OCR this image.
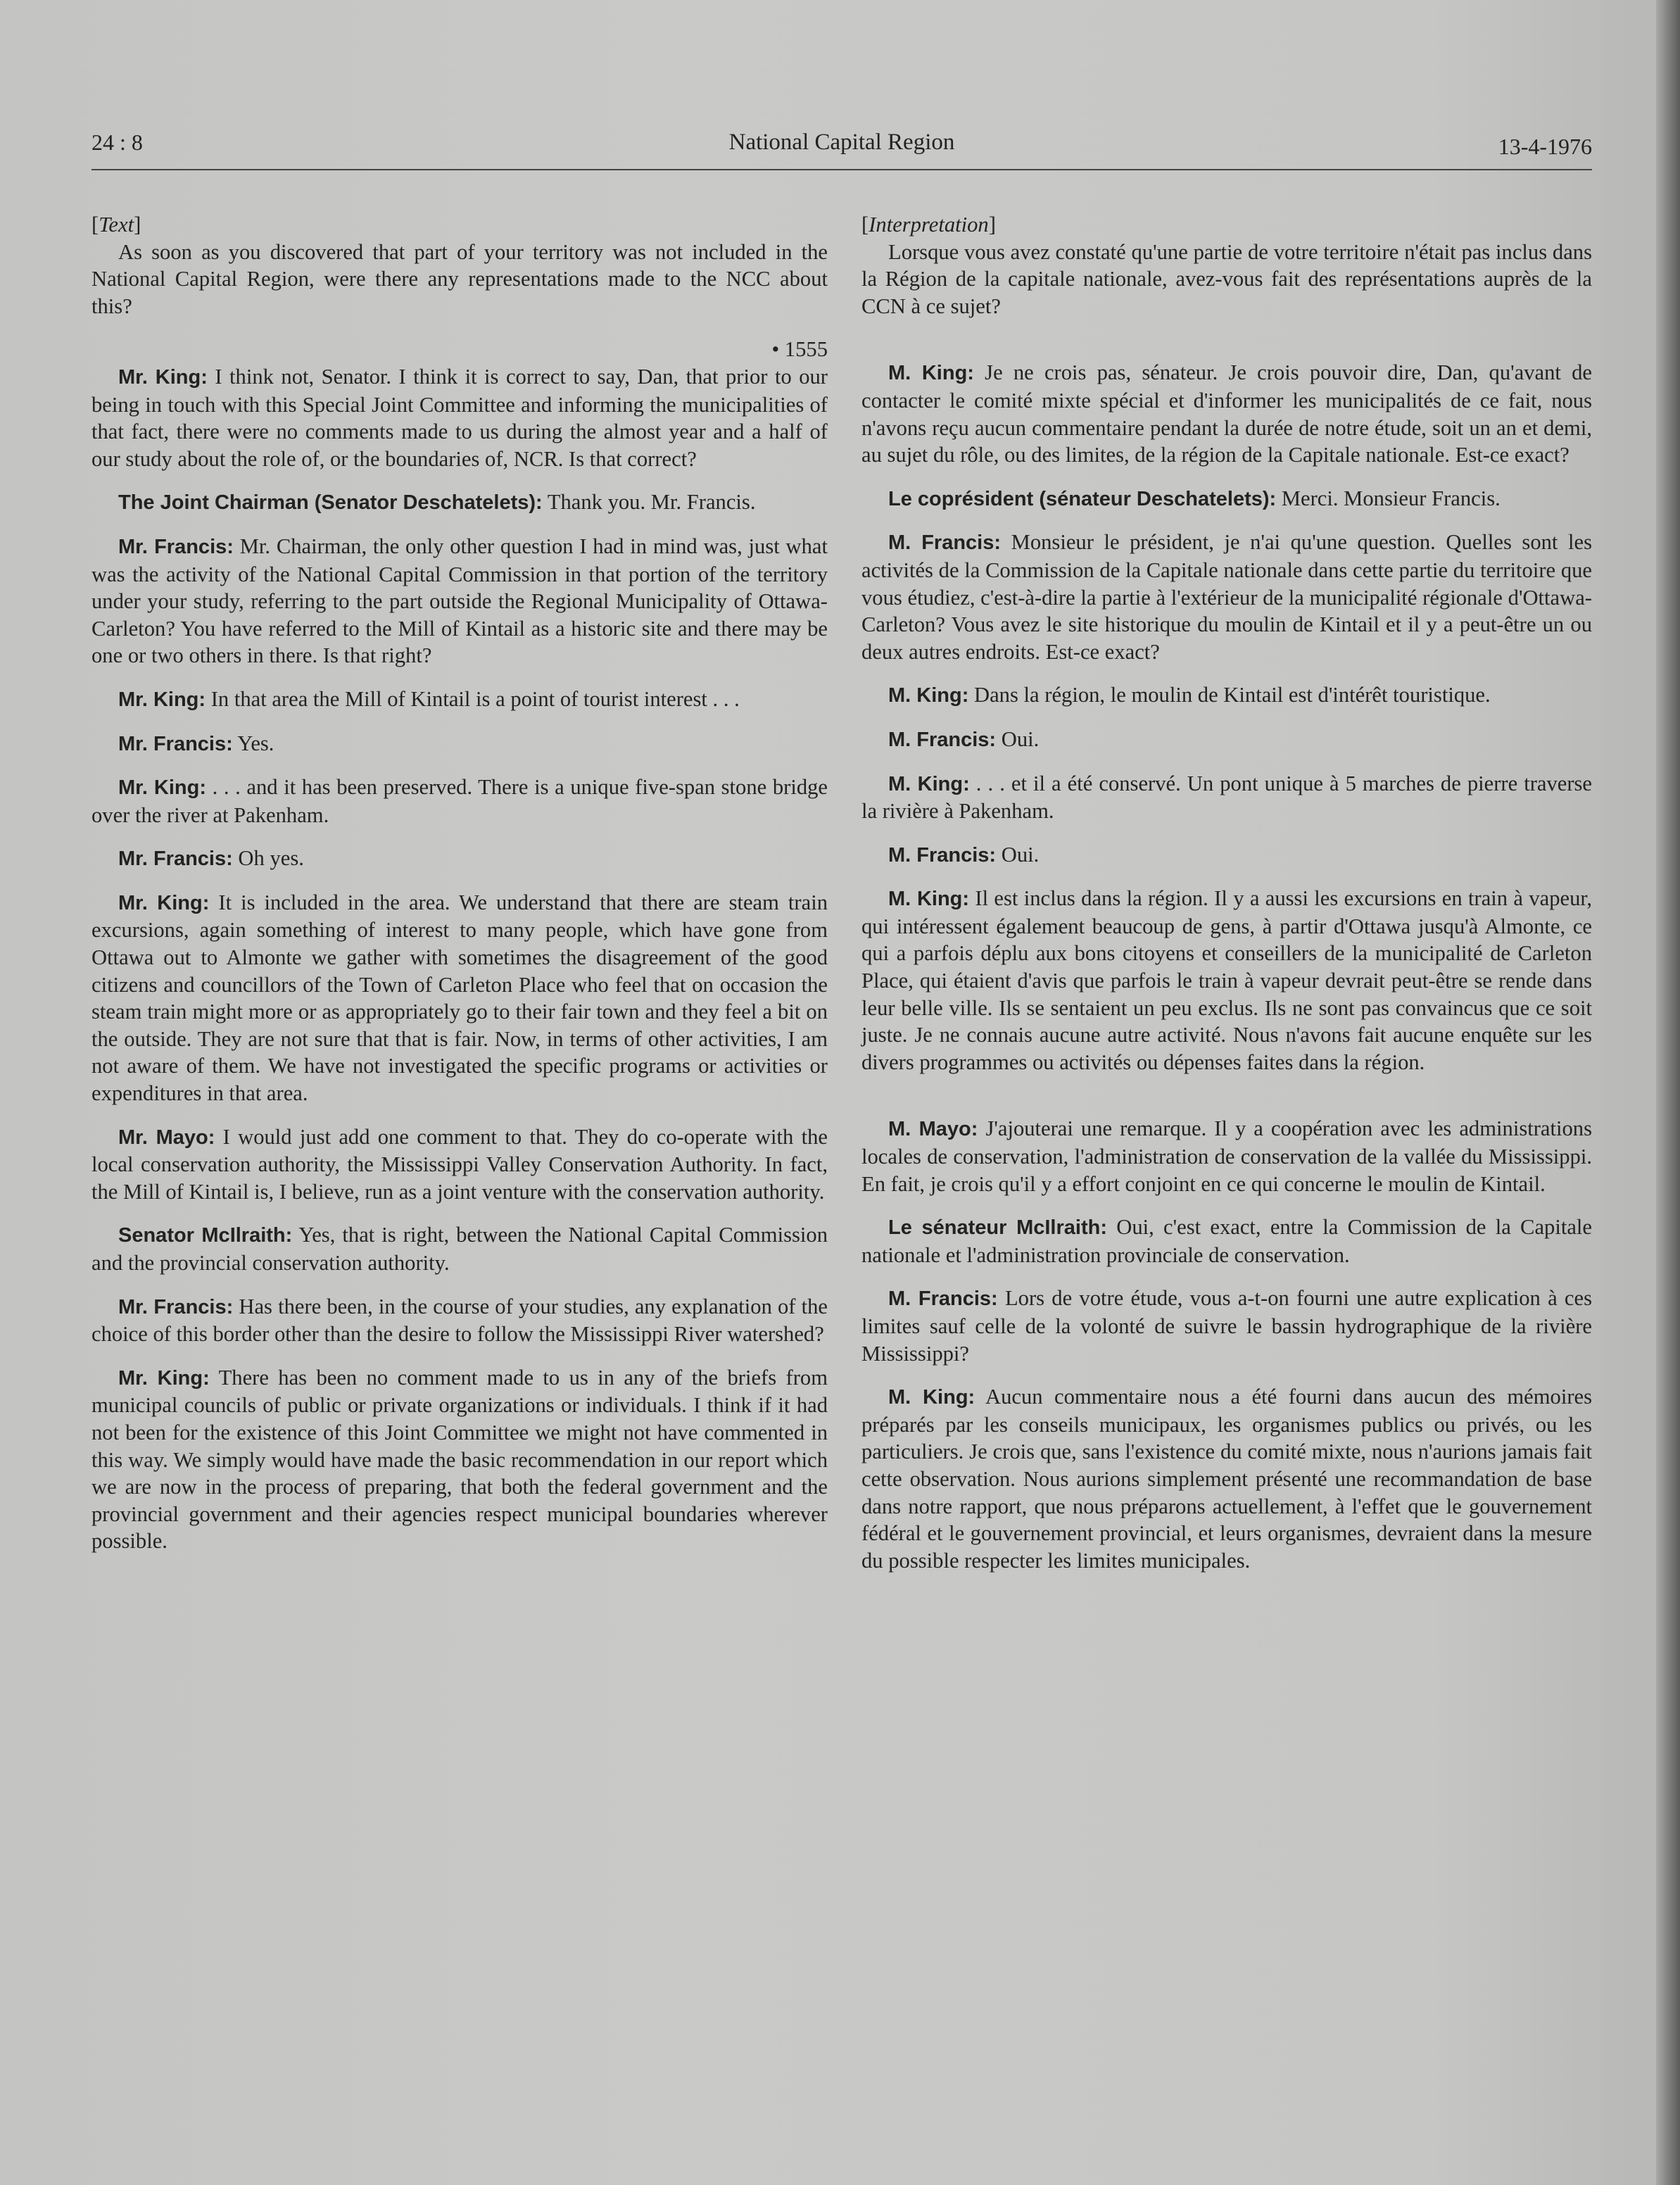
24 : 8	National Capital Region	13-4-1976

[Text]

As soon as you discovered that part of your territory was not included in the National Capital Region, were there any representations made to the NCC about this?

• 1555

Mr. King: I think not, Senator. I think it is correct to say, Dan, that prior to our being in touch with this Special Joint Committee and informing the municipalities of that fact, there were no comments made to us during the almost year and a half of our study about the role of, or the boundaries of, NCR. Is that correct?

The Joint Chairman (Senator Deschatelets): Thank you. Mr. Francis.

Mr. Francis: Mr. Chairman, the only other question I had in mind was, just what was the activity of the National Capital Commission in that portion of the territory under your study, referring to the part outside the Regional Municipality of Ottawa-Carleton? You have referred to the Mill of Kintail as a historic site and there may be one or two others in there. Is that right?

Mr. King: In that area the Mill of Kintail is a point of tourist interest . . .

Mr. Francis: Yes.

Mr. King: . . . and it has been preserved. There is a unique five-span stone bridge over the river at Pakenham.

Mr. Francis: Oh yes.

Mr. King: It is included in the area. We understand that there are steam train excursions, again something of interest to many people, which have gone from Ottawa out to Almonte we gather with sometimes the disagreement of the good citizens and councillors of the Town of Carleton Place who feel that on occasion the steam train might more or as appropriately go to their fair town and they feel a bit on the outside. They are not sure that that is fair. Now, in terms of other activities, I am not aware of them. We have not investigated the specific programs or activities or expenditures in that area.

Mr. Mayo: I would just add one comment to that. They do co-operate with the local conservation authority, the Mississippi Valley Conservation Authority. In fact, the Mill of Kintail is, I believe, run as a joint venture with the conservation authority.

Senator McIlraith: Yes, that is right, between the National Capital Commission and the provincial conservation authority.

Mr. Francis: Has there been, in the course of your studies, any explanation of the choice of this border other than the desire to follow the Mississippi River watershed?

Mr. King: There has been no comment made to us in any of the briefs from municipal councils of public or private organizations or individuals. I think if it had not been for the existence of this Joint Committee we might not have commented in this way. We simply would have made the basic recommendation in our report which we are now in the process of preparing, that both the federal government and the provincial government and their agencies respect municipal boundaries wherever possible.

[Interpretation]

Lorsque vous avez constaté qu'une partie de votre territoire n'était pas inclus dans la Région de la capitale nationale, avez-vous fait des représentations auprès de la CCN à ce sujet?

M. King: Je ne crois pas, sénateur. Je crois pouvoir dire, Dan, qu'avant de contacter le comité mixte spécial et d'informer les municipalités de ce fait, nous n'avons reçu aucun commentaire pendant la durée de notre étude, soit un an et demi, au sujet du rôle, ou des limites, de la région de la Capitale nationale. Est-ce exact?

Le coprésident (sénateur Deschatelets): Merci. Monsieur Francis.

M. Francis: Monsieur le président, je n'ai qu'une question. Quelles sont les activités de la Commission de la Capitale nationale dans cette partie du territoire que vous étudiez, c'est-à-dire la partie à l'extérieur de la municipalité régionale d'Ottawa-Carleton? Vous avez le site historique du moulin de Kintail et il y a peut-être un ou deux autres endroits. Est-ce exact?

M. King: Dans la région, le moulin de Kintail est d'intérêt touristique.

M. Francis: Oui.

M. King: . . . et il a été conservé. Un pont unique à 5 marches de pierre traverse la rivière à Pakenham.

M. Francis: Oui.

M. King: Il est inclus dans la région. Il y a aussi les excursions en train à vapeur, qui intéressent également beaucoup de gens, à partir d'Ottawa jusqu'à Almonte, ce qui a parfois déplu aux bons citoyens et conseillers de la municipalité de Carleton Place, qui étaient d'avis que parfois le train à vapeur devrait peut-être se rende dans leur belle ville. Ils se sentaient un peu exclus. Ils ne sont pas convaincus que ce soit juste. Je ne connais aucune autre activité. Nous n'avons fait aucune enquête sur les divers programmes ou activités ou dépenses faites dans la région.

M. Mayo: J'ajouterai une remarque. Il y a coopération avec les administrations locales de conservation, l'administration de conservation de la vallée du Mississippi. En fait, je crois qu'il y a effort conjoint en ce qui concerne le moulin de Kintail.

Le sénateur McIlraith: Oui, c'est exact, entre la Commission de la Capitale nationale et l'administration provinciale de conservation.

M. Francis: Lors de votre étude, vous a-t-on fourni une autre explication à ces limites sauf celle de la volonté de suivre le bassin hydrographique de la rivière Mississippi?

M. King: Aucun commentaire nous a été fourni dans aucun des mémoires préparés par les conseils municipaux, les organismes publics ou privés, ou les particuliers. Je crois que, sans l'existence du comité mixte, nous n'aurions jamais fait cette observation. Nous aurions simplement présenté une recommandation de base dans notre rapport, que nous préparons actuellement, à l'effet que le gouvernement fédéral et le gouvernement provincial, et leurs organismes, devraient dans la mesure du possible respecter les limites municipales.
